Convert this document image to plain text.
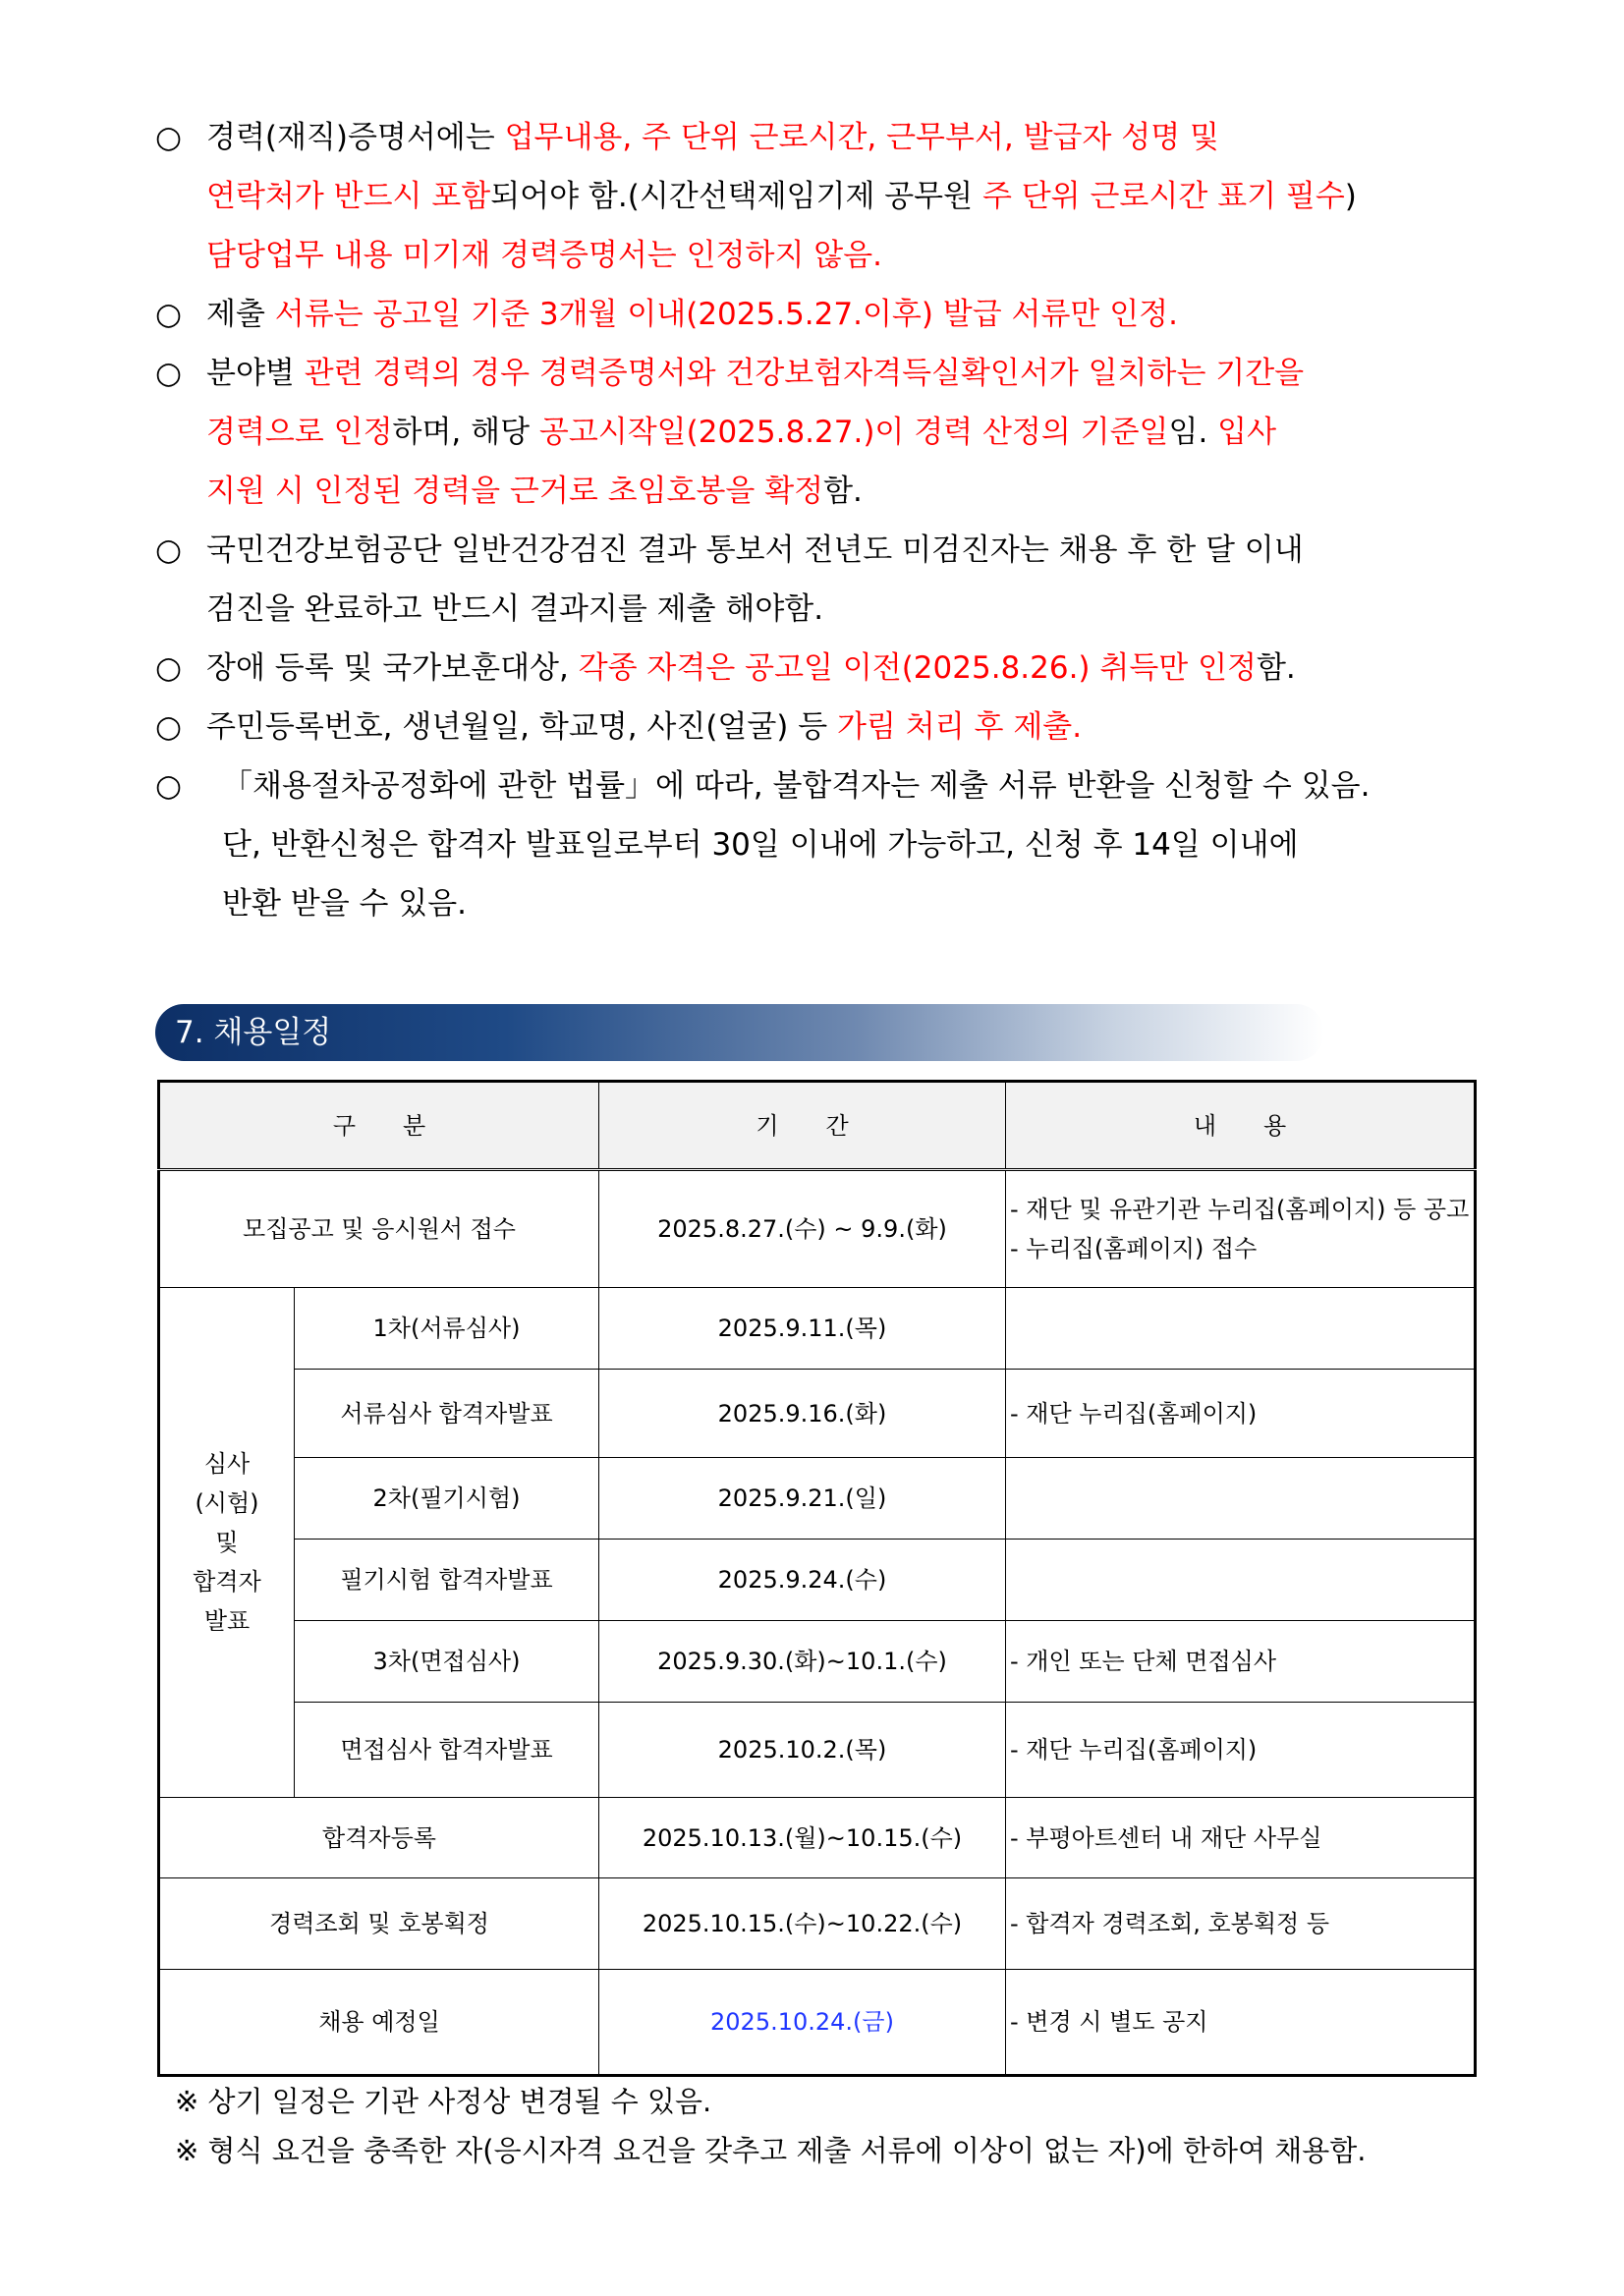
○ 경력(재직)증명서에는 업무내용, 주 단위 근로시간, 근무부서, 발급자 성명 및
연락처가 반드시 포함되어야 함.(시간선택제임기제 공무원 주 단위 근로시간 표기 필수)
담당업무 내용 미기재 경력증명서는 인정하지 않음.
○ 제출 서류는 공고일 기준 3개월 이내(2025.5.27.이후) 발급 서류만 인정.
○ 분야별 관련 경력의 경우 경력증명서와 건강보험자격득실확인서가 일치하는 기간을
경력으로 인정하며, 해당 공고시작일(2025.8.27.)이 경력 산정의 기준일임. 입사
지원 시 인정된 경력을 근거로 초임호봉을 확정함.
○ 국민건강보험공단 일반건강검진 결과 통보서 전년도 미검진자는 채용 후 한 달 이내
검진을 완료하고 반드시 결과지를 제출 해야함.
○ 장애 등록 및 국가보훈대상, 각종 자격은 공고일 이전(2025.8.26.) 취득만 인정함.
○ 주민등록번호, 생년월일, 학교명, 사진(얼굴) 등 가림 처리 후 제출.
○	「채용절차공정화에 관한 법률」에 따라, 불합격자는 제출 서류 반환을 신청할 수 있음.
단, 반환신청은 합격자 발표일로부터 30일 이내에 가능하고, 신청 후 14일 이내에
반환 받을 수 있음.
7. 채용일정
구　　분		기　　간	내　　용
모집공고 및 응시원서 접수		2025.8.27.(수) ~ 9.9.(화)	- 재단 및 유관기관 누리집(홈페이지) 등 공고
- 누리집(홈페이지) 접수

심사
(시험)
및
합격자
발표	1차(서류심사)	2025.9.11.(목)	
	서류심사 합격자발표	2025.9.16.(화)	- 재단 누리집(홈페이지)
	2차(필기시험)	2025.9.21.(일)	
	필기시험 합격자발표	2025.9.24.(수)	
	3차(면접심사)	2025.9.30.(화)~10.1.(수)	- 개인 또는 단체 면접심사
	면접심사 합격자발표	2025.10.2.(목)	- 재단 누리집(홈페이지)
합격자등록		2025.10.13.(월)~10.15.(수)	- 부평아트센터 내 재단 사무실
경력조회 및 호봉획정		2025.10.15.(수)~10.22.(수)	- 합격자 경력조회, 호봉획정 등
채용 예정일		2025.10.24.(금)	- 변경 시 별도 공지
※ 상기 일정은 기관 사정상 변경될 수 있음.
※ 형식 요건을 충족한 자(응시자격 요건을 갖추고 제출 서류에 이상이 없는 자)에 한하여 채용함.
